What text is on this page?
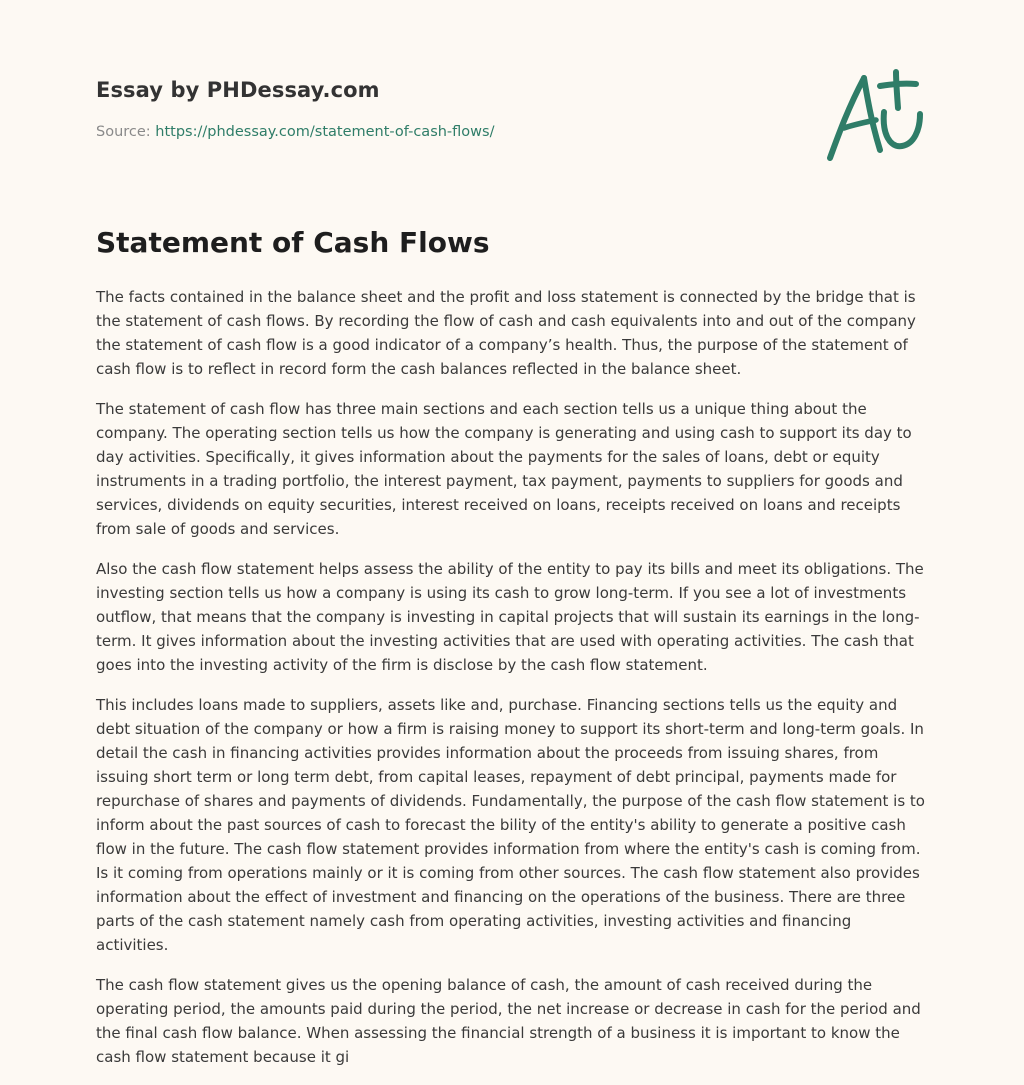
Essay by PHDessay.com
Source: https://phdessay.com/statement-of-cash-flows/
Statement of Cash Flows

The facts contained in the balance sheet and the profit and loss statement is connected by the bridge that is the statement of cash flows. By recording the flow of cash and cash equivalents into and out of the company the statement of cash flow is a good indicator of a company’s health. Thus, the purpose of the statement of cash flow is to reflect in record form the cash balances reflected in the balance sheet.

The statement of cash flow has three main sections and each section tells us a unique thing about the company. The operating section tells us how the company is generating and using cash to support its day to day activities. Specifically, it gives information about the payments for the sales of loans, debt or equity instruments in a trading portfolio, the interest payment, tax payment, payments to suppliers for goods and services, dividends on equity securities, interest received on loans, receipts received on loans and receipts from sale of goods and services.

Also the cash flow statement helps assess the ability of the entity to pay its bills and meet its obligations. The investing section tells us how a company is using its cash to grow long-term. If you see a lot of investments outflow, that means that the company is investing in capital projects that will sustain its earnings in the long-term. It gives information about the investing activities that are used with operating activities. The cash that goes into the investing activity of the firm is disclose by the cash flow statement.

This includes loans made to suppliers, assets like and, purchase. Financing sections tells us the equity and debt situation of the company or how a firm is raising money to support its short-term and long-term goals. In detail the cash in financing activities provides information about the proceeds from issuing shares, from issuing short term or long term debt, from capital leases, repayment of debt principal, payments made for repurchase of shares and payments of dividends. Fundamentally, the purpose of the cash flow statement is to inform about the past sources of cash to forecast the bility of the entity's ability to generate a positive cash flow in the future. The cash flow statement provides information from where the entity's cash is coming from. Is it coming from operations mainly or it is coming from other sources. The cash flow statement also provides information about the effect of investment and financing on the operations of the business. There are three parts of the cash statement namely cash from operating activities, investing activities and financing activities.

The cash flow statement gives us the opening balance of cash, the amount of cash received during the operating period, the amounts paid during the period, the net increase or decrease in cash for the period and the final cash flow balance. When assessing the financial strength of a business it is important to know the cash flow statement because it gi
